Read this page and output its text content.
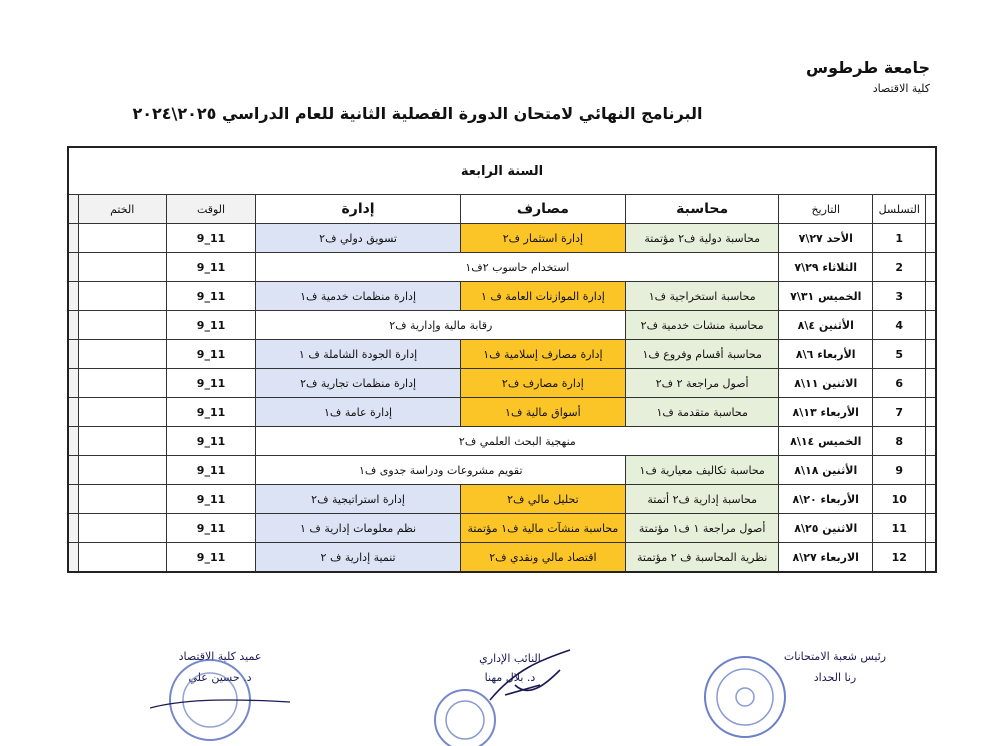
جامعة طرطوس
كلية الاقتصاد
البرنامج النهائي لامتحان الدورة الفصلية الثانية للعام الدراسي ٢٠٢٥\٢٠٢٤
السنة الرابعة								
	التسلسل	التاريخ	محاسبة	مصارف	إدارة	الوقت	الختم	
	1	الأحد ٢٧\٧	محاسبة دولية ف٢ مؤتمتة	إدارة استثمار ف٢	تسويق دولي ف٢	11_9		
	2	الثلاثاء ٢٩\٧	استخدام حاسوب ٢ف١			11_9		
	3	الخميس ٣١\٧	محاسبة استخراجية ف١	إدارة الموازنات العامة ف ١	إدارة منظمات خدمية ف١	11_9		
	4	الأثنين ٤\٨	محاسبة منشات خدمية ف٢	رقابة مالية وإدارية ف٢		11_9		
	5	الأربعاء ٦\٨	محاسبة أقسام وفروع ف١	إدارة مصارف إسلامية ف١	إدارة الجودة الشاملة ف ١	11_9		
	6	الاثنين ١١\٨	أصول مراجعة ٢ ف٢	إدارة مصارف ف٢	إدارة منظمات تجارية ف٢	11_9		
	7	الأربعاء ١٣\٨	محاسبة متقدمة ف١	أسواق مالية ف١	إدارة عامة ف١	11_9		
	8	الخميس ١٤\٨	منهجية البحث العلمي ف٢			11_9		
	9	الأثنين ١٨\٨	محاسبة تكاليف معيارية ف١	تقويم مشروعات ودراسة جدوى ف١		11_9		
	10	الأربعاء ٢٠\٨	محاسبة إدارية ف٢ أتمتة	تحليل مالي ف٢	إدارة استراتيجية ف٢	11_9		
	11	الاثنين ٢٥\٨	أصول مراجعة ١ ف١ مؤتمتة	محاسبة منشآت مالية ف١ مؤتمتة	نظم معلومات إدارية ف ١	11_9		
	12	الاربعاء ٢٧\٨	نظرية المحاسبة ف ٢ مؤتمتة	اقتصاد مالي ونقدي ف٢	تنمية إدارية ف ٢	11_9		
رئيس شعبة الامتحانات
رنا الحداد
النائب الإداري
د. بلال مهنا
عميد كلية الاقتصاد
د. حسين علي
